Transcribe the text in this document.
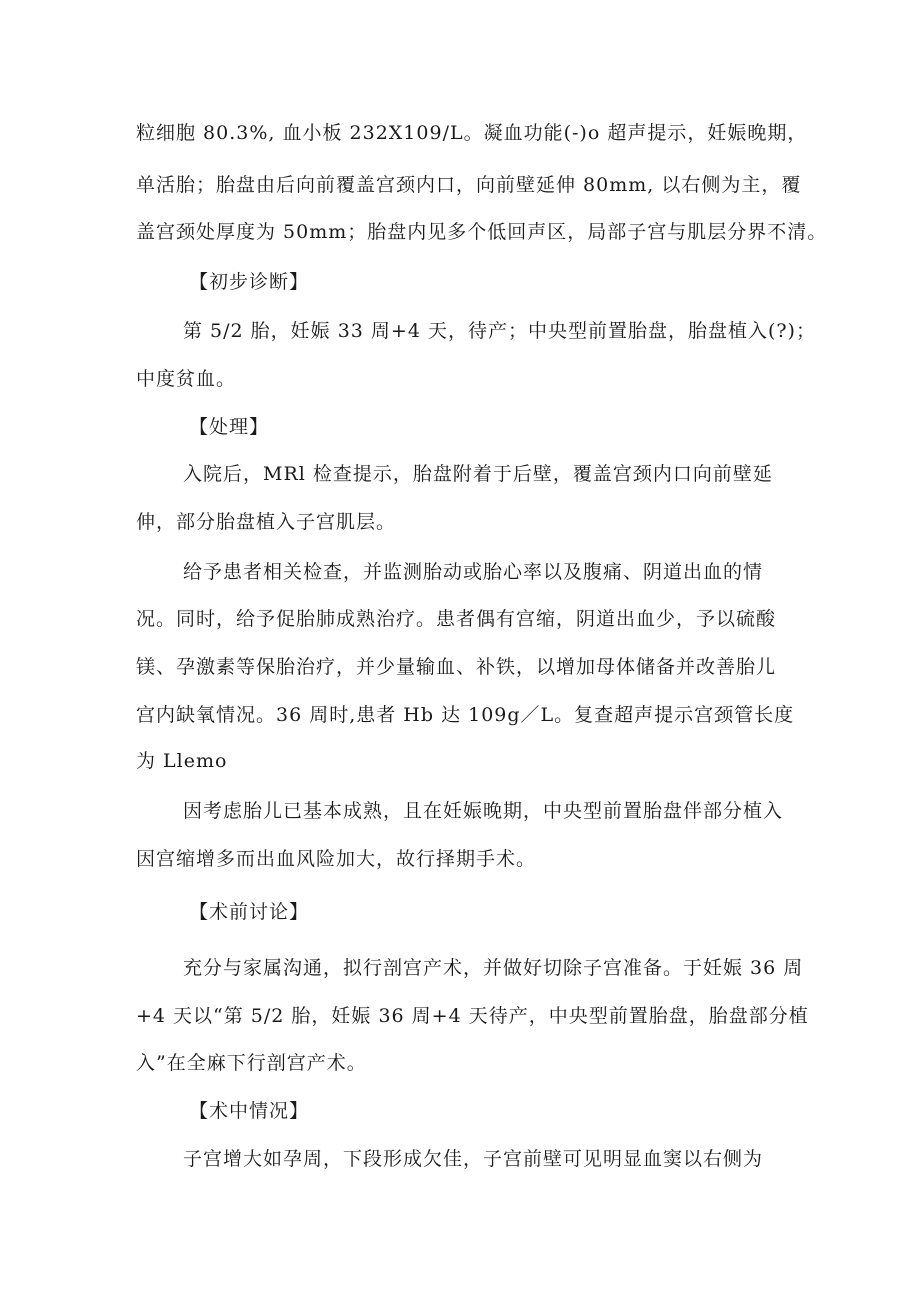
粒细胞 80.3%, 血小板 232X109/L。凝血功能(-)o 超声提示，妊娠晚期，
单活胎；胎盘由后向前覆盖宫颈内口，向前壁延伸 80mm, 以右侧为主，覆
盖宫颈处厚度为 50mm；胎盘内见多个低回声区，局部子宫与肌层分界不清。
【初步诊断】
第 5/2 胎，妊娠 33 周+4 天，待产；中央型前置胎盘，胎盘植入(?)；
中度贫血。
【处理】
入院后，MRl 检查提示，胎盘附着于后壁，覆盖宫颈内口向前壁延
伸，部分胎盘植入子宫肌层。
给予患者相关检查，并监测胎动或胎心率以及腹痛、阴道出血的情
况。同时，给予促胎肺成熟治疗。患者偶有宫缩，阴道出血少，予以硫酸
镁、孕激素等保胎治疗，并少量输血、补铁，以增加母体储备并改善胎儿
宫内缺氧情况。36 周时,患者 Hb 达 109g／L。复查超声提示宫颈管长度
为 Llemo
因考虑胎儿已基本成熟，且在妊娠晚期，中央型前置胎盘伴部分植入
因宫缩增多而出血风险加大，故行择期手术。
【术前讨论】
充分与家属沟通，拟行剖宫产术，并做好切除子宫准备。于妊娠 36 周
+4 天以“第 5/2 胎，妊娠 36 周+4 天待产，中央型前置胎盘，胎盘部分植
入”在全麻下行剖宫产术。
【术中情况】
子宫增大如孕周，下段形成欠佳，子宫前壁可见明显血窦以右侧为
